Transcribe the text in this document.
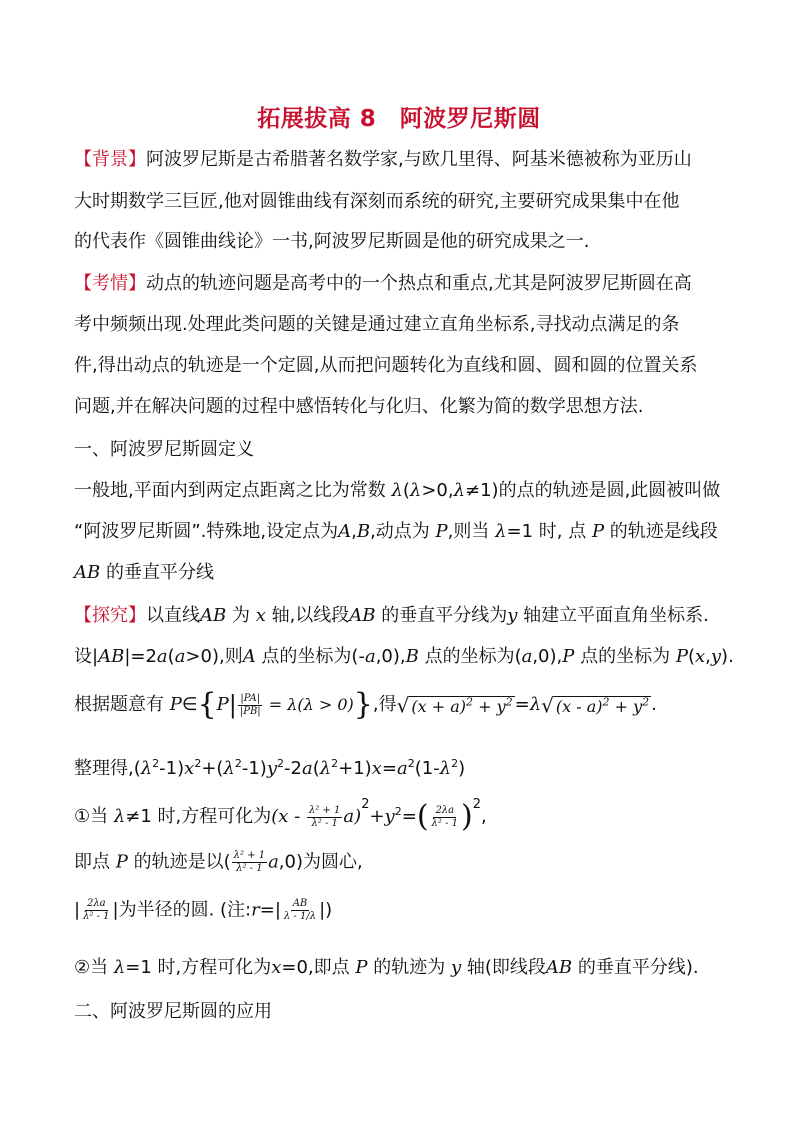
拓展拔高 8 阿波罗尼斯圆
【背景】阿波罗尼斯是古希腊著名数学家,与欧几里得、阿基米德被称为亚历山
大时期数学三巨匠,他对圆锥曲线有深刻而系统的研究,主要研究成果集中在他
的代表作《圆锥曲线论》一书,阿波罗尼斯圆是他的研究成果之一.
【考情】动点的轨迹问题是高考中的一个热点和重点,尤其是阿波罗尼斯圆在高
考中频频出现.处理此类问题的关键是通过建立直角坐标系,寻找动点满足的条
件,得出动点的轨迹是一个定圆,从而把问题转化为直线和圆、圆和圆的位置关系
问题,并在解决问题的过程中感悟转化与化归、化繁为简的数学思想方法.
一、阿波罗尼斯圆定义
一般地,平面内到两定点距离之比为常数 λ(λ>0,λ≠1)的点的轨迹是圆,此圆被叫做
“阿波罗尼斯圆”.特殊地,设定点为A,B,动点为 P,则当 λ=1 时, 点 P 的轨迹是线段
AB 的垂直平分线
【探究】以直线AB 为 x 轴,以线段AB 的垂直平分线为y 轴建立平面直角坐标系.
设|AB|=2a(a>0),则A 点的坐标为(-a,0),B 点的坐标为(a,0),P 点的坐标为 P(x,y).
根据题意有 P∈{P| $\frac{|PA|}{|PB|} = \lambda(\lambda > 0)$},得√ $(x + a)^2 + y^2 =\lambda√$ $(x - a)^2 + y^2$ .
整理得$,(\lambda^2-1)x^2+(\lambda^2-1)y^2-2a(\lambda^2+1)x=a^2(1-\lambda^2)$
①当 λ≠1 时,方程可化为$(x - \frac{\text{λ² + 1}}{\text{λ² - 1}} a)^2+y^2=( \frac{2\lambda a}{\text{λ² - 1}} )^2$,
即点 P 的轨迹是以( $\frac{\text{λ² + 1}}{\text{λ² - 1}} a,0$)为圆心,
| $\frac{2\lambda a}{\text{λ² - 1}}$ |为半径的圆. (注:r=| $\frac{AB}{\lambda - 1/\lambda}$ |)
②当 λ=1 时,方程可化为x=0,即点 P 的轨迹为 y 轴(即线段AB 的垂直平分线).
二、阿波罗尼斯圆的应用
